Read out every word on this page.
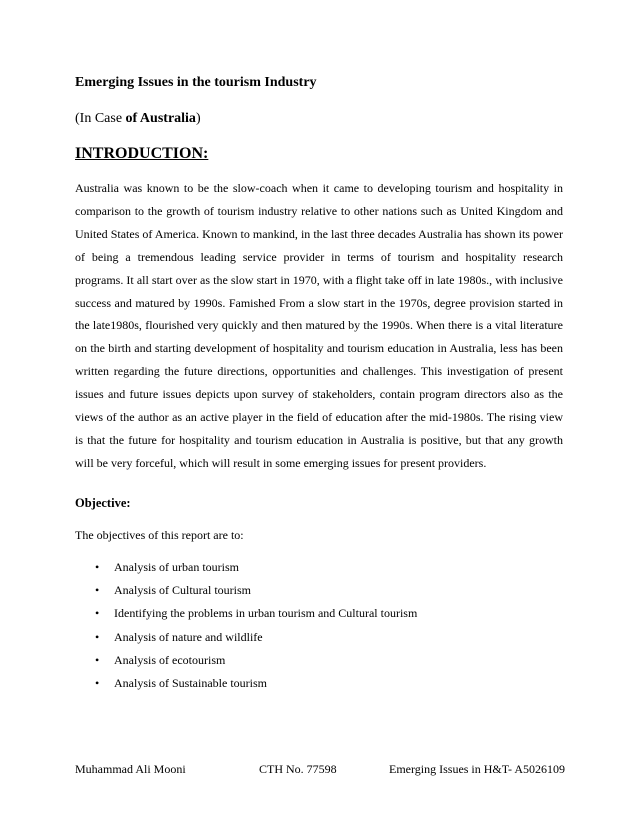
Emerging Issues in the tourism Industry
(In Case of Australia)
INTRODUCTION:

Australia was known to be the slow-coach when it came to developing tourism and hospitality in comparison to the growth of tourism industry relative to other nations such as United Kingdom and United States of America. Known to mankind, in the last three decades Australia has shown its power of being a tremendous leading service provider in terms of tourism and hospitality research programs. It all start over as the slow start in 1970, with a flight take off in late 1980s., with inclusive success and matured by 1990s. Famished From a slow start in the 1970s, degree provision started in the late1980s, flourished very quickly and then matured by the 1990s. When there is a vital literature on the birth and starting development of hospitality and tourism education in Australia, less has been written regarding the future directions, opportunities and challenges. This investigation of present issues and future issues depicts upon survey of stakeholders, contain program directors also as the views of the author as an active player in the field of education after the mid-1980s. The rising view is that the future for hospitality and tourism education in Australia is positive, but that any growth will be very forceful, which will result in some emerging issues for present providers.

Objective:
The objectives of this report are to:
• Analysis of urban tourism
• Analysis of Cultural tourism
• Identifying the problems in urban tourism and Cultural tourism
• Analysis of nature and wildlife
• Analysis of ecotourism
• Analysis of Sustainable tourism
Muhammad Ali Mooni	CTH No. 77598	Emerging Issues in H&T- A5026109
